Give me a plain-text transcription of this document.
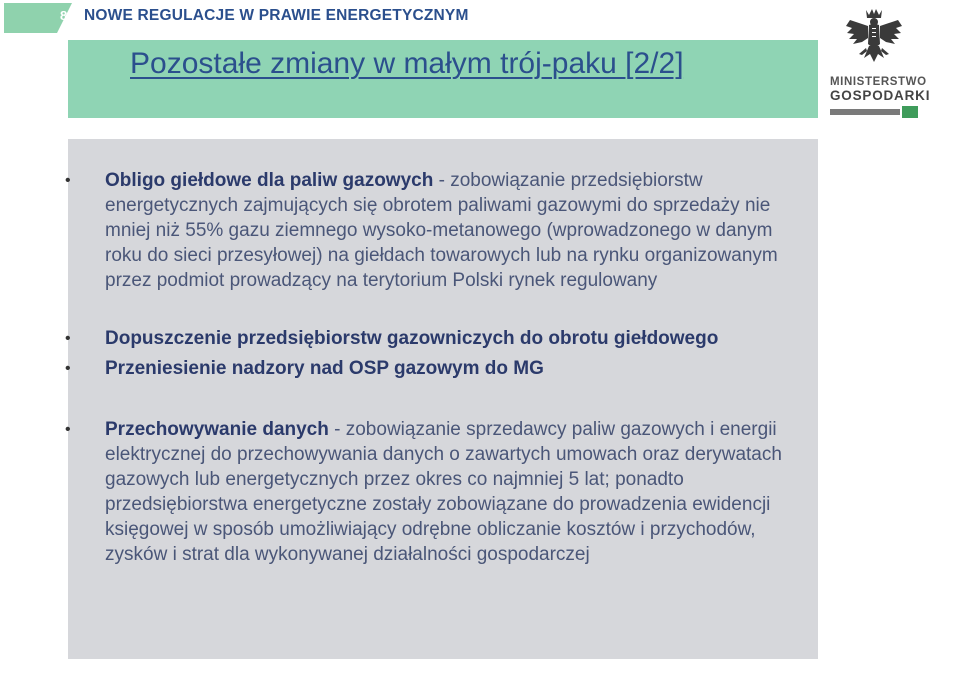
8 NOWE REGULACJE W PRAWIE ENERGETYCZNYM
Pozostałe zmiany w małym trój-paku [2/2]
MINISTERSTWO
GOSPODARKI
• Obligo giełdowe dla paliw gazowych - zobowiązanie przedsiębiorstw energetycznych zajmujących się obrotem paliwami gazowymi do sprzedaży nie mniej niż 55% gazu ziemnego wysoko-metanowego (wprowadzonego w danym roku do sieci przesyłowej) na giełdach towarowych lub na rynku organizowanym przez podmiot prowadzący na terytorium Polski rynek regulowany
• Dopuszczenie przedsiębiorstw gazowniczych do obrotu giełdowego
• Przeniesienie nadzory nad OSP gazowym do MG
• Przechowywanie danych - zobowiązanie sprzedawcy paliw gazowych i energii elektrycznej do przechowywania danych o zawartych umowach oraz derywatach gazowych lub energetycznych przez okres co najmniej 5 lat; ponadto przedsiębiorstwa energetyczne zostały zobowiązane do prowadzenia ewidencji księgowej w sposób umożliwiający odrębne obliczanie kosztów i przychodów, zysków i strat dla wykonywanej działalności gospodarczej
